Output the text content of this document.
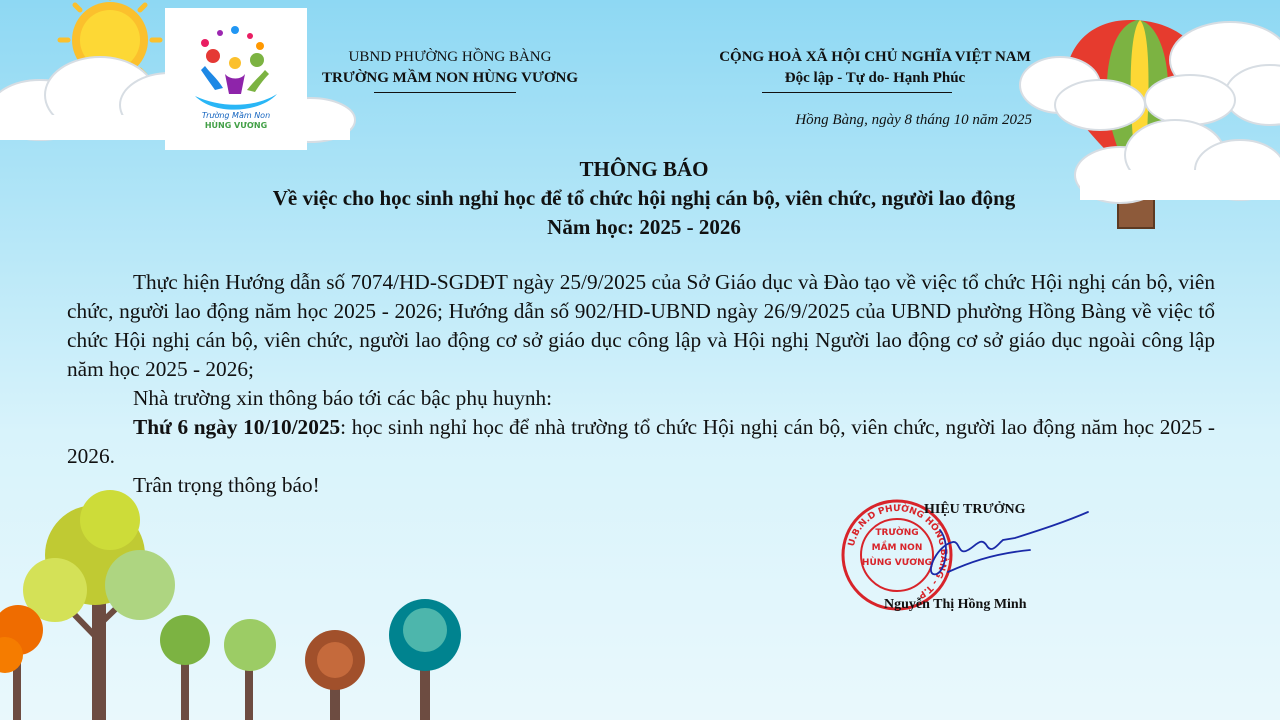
Trường Mầm Non
HÙNG VƯƠNG
UBND PHƯỜNG HỒNG BÀNG
TRƯỜNG MẦM NON HÙNG VƯƠNG
CỘNG HOÀ XÃ HỘI CHỦ NGHĨA VIỆT NAM
Độc lập - Tự do- Hạnh Phúc
Hồng Bàng, ngày 8 tháng 10 năm 2025
THÔNG BÁO
Về việc cho học sinh nghỉ học để tổ chức hội nghị cán bộ, viên chức, người lao động
Năm học: 2025 - 2026

Thực hiện Hướng dẫn số 7074/HD-SGDĐT ngày 25/9/2025 của Sở Giáo dục và Đào tạo về việc tổ chức Hội nghị cán bộ, viên chức, người lao động năm học 2025 - 2026; Hướng dẫn số 902/HD-UBND ngày 26/9/2025 của UBND phường Hồng Bàng về việc tổ chức Hội nghị cán bộ, viên chức, người lao động cơ sở giáo dục công lập và Hội nghị Người lao động cơ sở giáo dục ngoài công lập năm học 2025 - 2026;

Nhà trường xin thông báo tới các bậc phụ huynh:

Thứ 6 ngày 10/10/2025: học sinh nghỉ học để nhà trường tổ chức Hội nghị cán bộ, viên chức, người lao động năm học 2025 - 2026.

Trân trọng thông báo!

U.B.N.D PHƯỜNG HỒNG BÀNG - T.P
TRƯỜNG
MẦM NON
HÙNG VƯƠNG
HIỆU TRƯỞNG
Nguyễn Thị Hồng Minh
